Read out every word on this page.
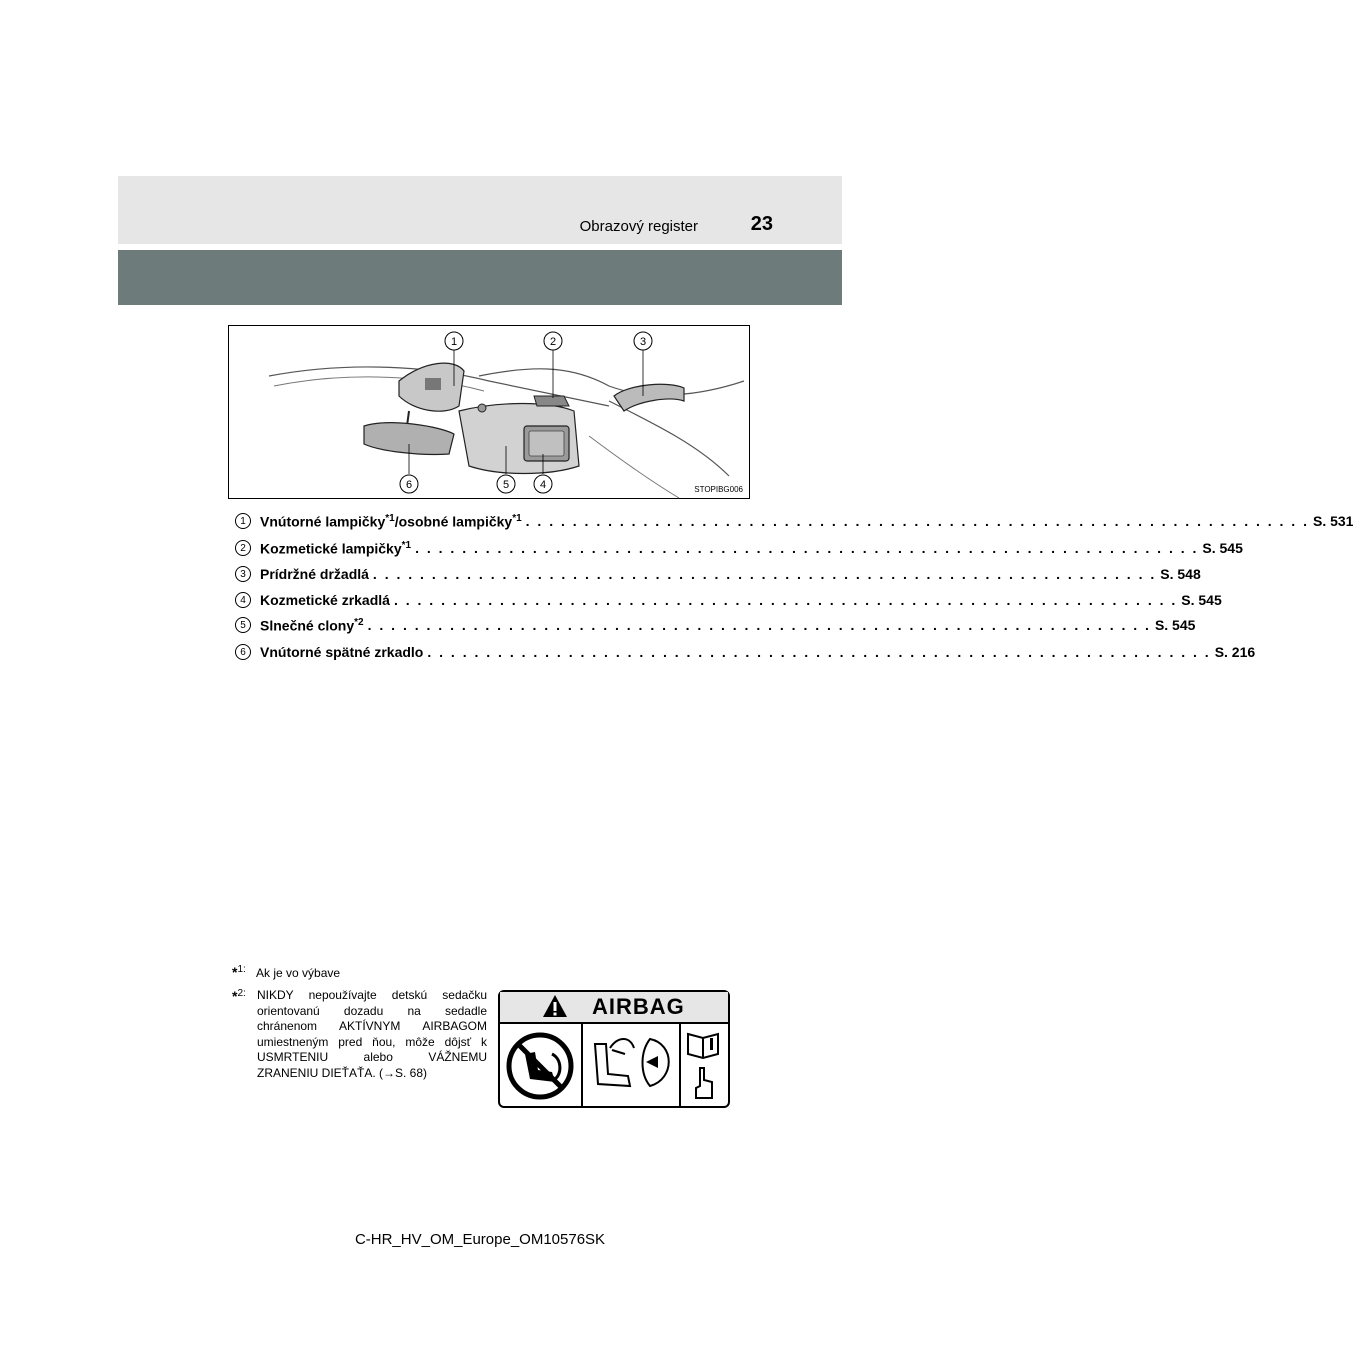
Obrazový register	23
1	2	3
4
5
6	STOPIBG006
1	Vnútorné lampičky$^{*1}$/osobné lampičky$^{*1}$ . . . . . . . . . . . . . . . . . . . . . . . . . . . . . . . . . . . . . . . . . . . . . . . . . . . . . . . . . . . . . . . . . . . S. 531
2	Kozmetické lampičky$^{*1}$ . . . . . . . . . . . . . . . . . . . . . . . . . . . . . . . . . . . . . . . . . . . . . . . . . . . . . . . . . . . . . . . . . . . S. 545
3	Prídržné držadlá . . . . . . . . . . . . . . . . . . . . . . . . . . . . . . . . . . . . . . . . . . . . . . . . . . . . . . . . . . . . . . . . . . . S. 548
4	Kozmetické zrkadlá . . . . . . . . . . . . . . . . . . . . . . . . . . . . . . . . . . . . . . . . . . . . . . . . . . . . . . . . . . . . . . . . . . . S. 545
5	Slnečné clony$^{*2}$ . . . . . . . . . . . . . . . . . . . . . . . . . . . . . . . . . . . . . . . . . . . . . . . . . . . . . . . . . . . . . . . . . . . S. 545
6	Vnútorné spätné zrkadlo . . . . . . . . . . . . . . . . . . . . . . . . . . . . . . . . . . . . . . . . . . . . . . . . . . . . . . . . . . . . . . . . . . . S. 216
*$^{1:}$ Ak je vo výbave
*$^{2:}$ NIKDY nepoužívajte detskú sedačku orientovanú dozadu na sedadle chránenom AKTÍVNYM AIRBAGOM umiestneným pred ňou, môže dôjsť k USMRTENIU alebo VÁŽNEMU ZRANENIU DIEŤAŤA. (→S. 68)
AIRBAG
C-HR_HV_OM_Europe_OM10576SK
